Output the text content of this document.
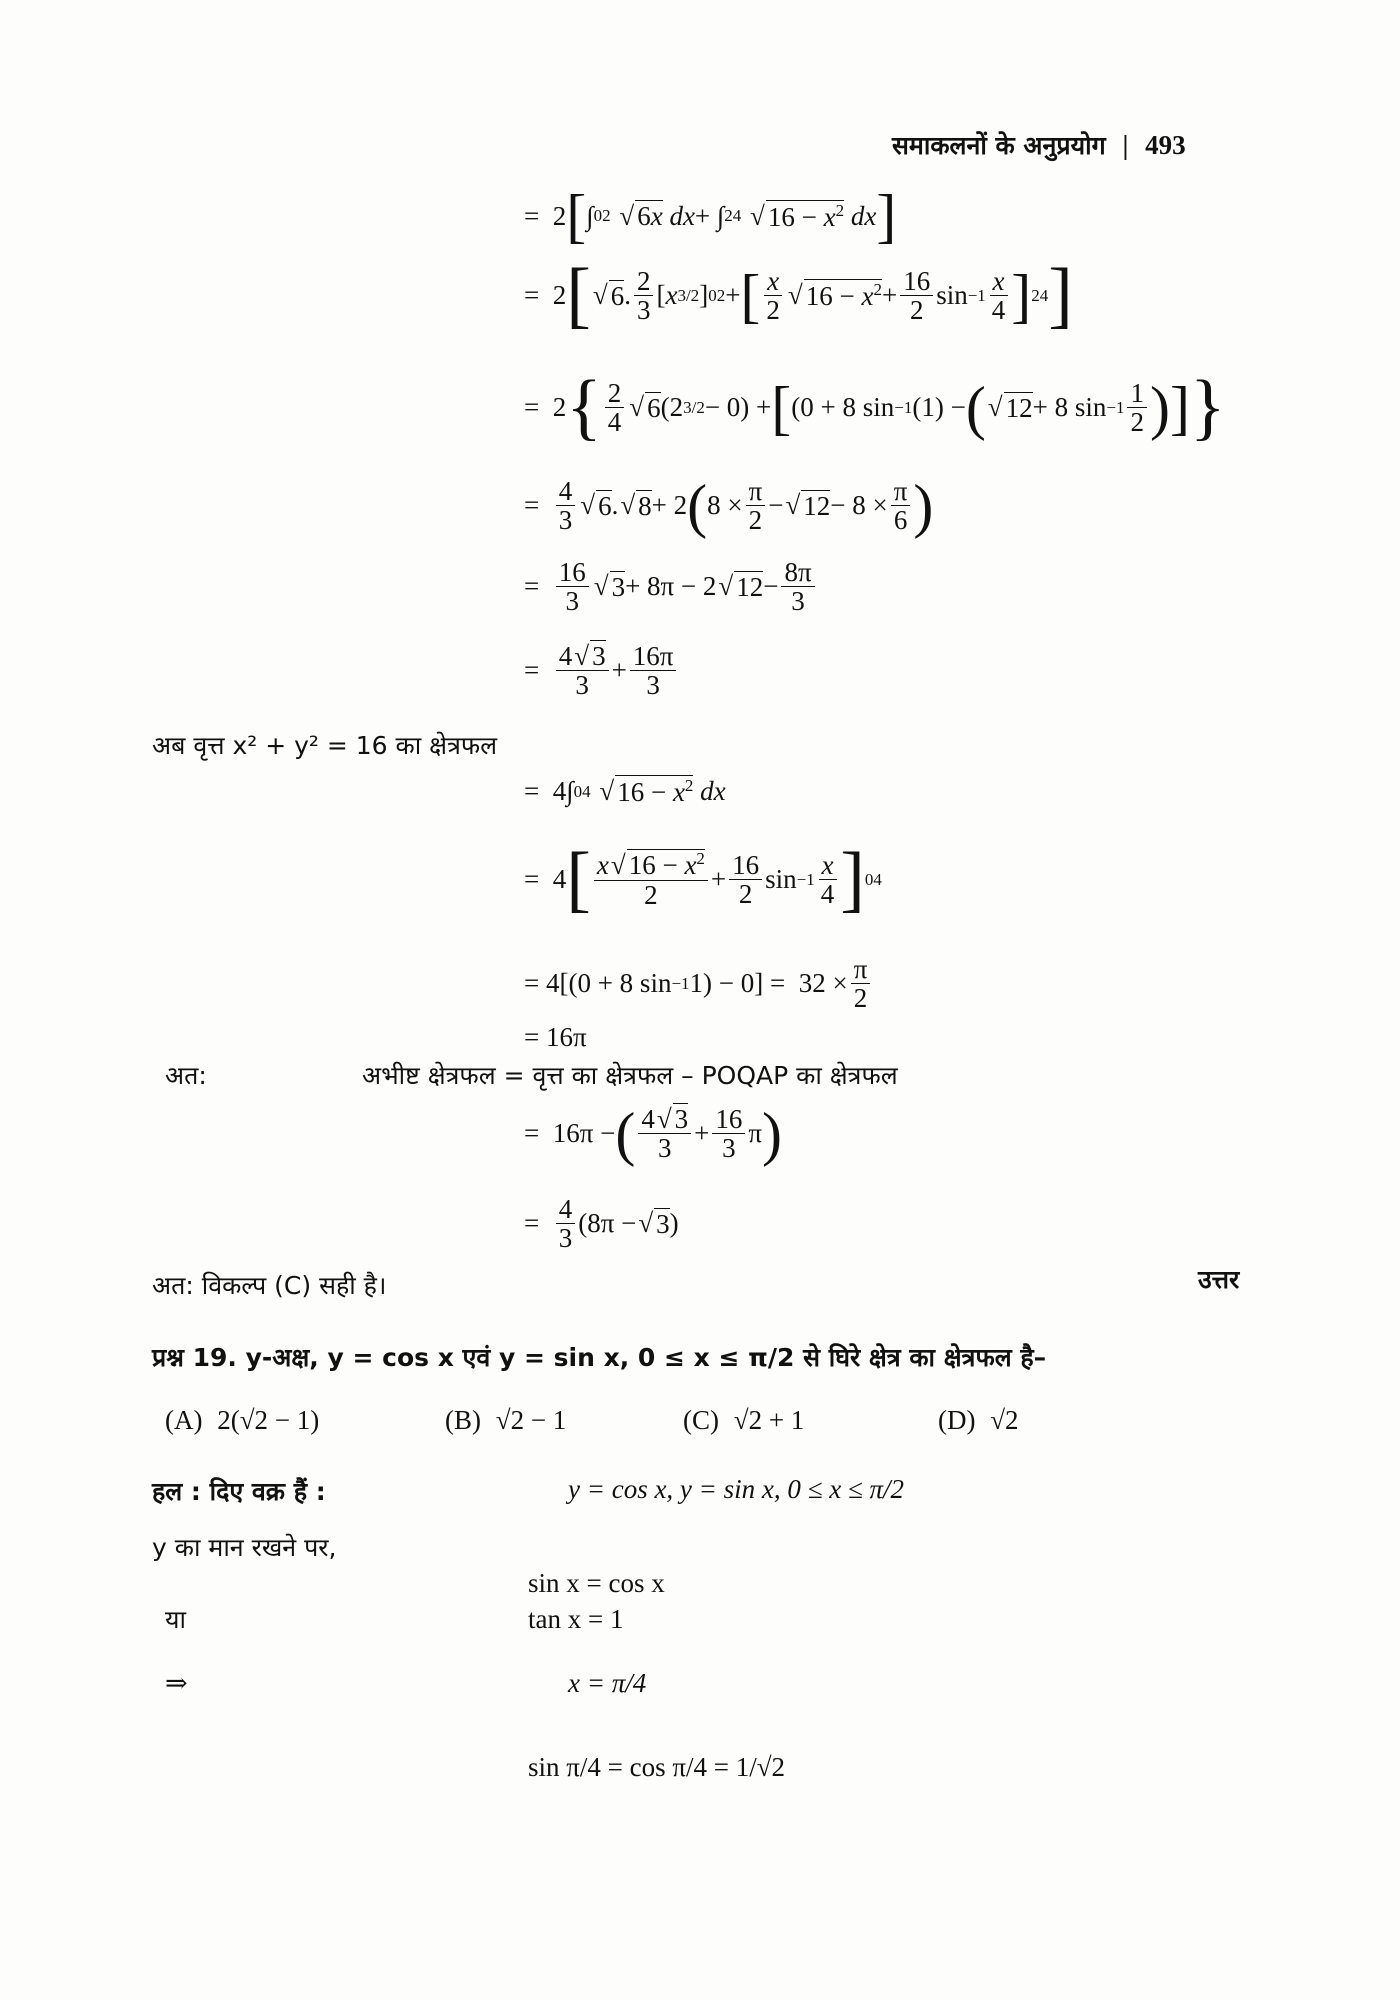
समाकलनों के अनुप्रयोग | 493
=  2 [ ∫ 0 2
√ 6x
dx + ∫ 2 4
√ $16 - x^2$
dx ]
=  2 [ √ 6 . $\frac{2}{3}$ [ x 3/2 ] 0 2 + [ $\frac{x}{2}$ √ $16 - x^2 + \frac{16}{2}$ $\sin -1 \frac{x}{4}$ ] 2 4 ]
=  2 { $\frac{2}{4}$ √ 6 (2 3/2 − 0) + [ (0 + 8 sin −1 (1) − ( √ 12 + 8 $\sin -1 \frac{1}{2}$ ) ] }
= $\frac{4}{3}$ √ 6 . √ 8 + 2 ( $8 \times \frac{\pi}{2}$ − √ $12 - 8 \times \frac{\pi}{6}$ )
= $\frac{16}{3}$ √ 3 + 8π − 2 √ $12 - \frac{8\pi}{3}$
= $\frac{4√ 3}{3} + \frac{16\pi}{3}$
अब वृत्त x² + y² = 16 का क्षेत्रफल
=  4∫ 0 4
√ $16 - x^2$
dx
=  4 [ $\frac{x√ 16 - x^2}{2} + \frac{16}{2}$ $\sin -1 \frac{x}{4}$ ] 0 4
= 4[(0 + 8 sin −1 $1) - 0] = 32 \times \frac{\pi}{2}$
= 16π
अत:	अभीष्ट क्षेत्रफल = वृत्त का क्षेत्रफल – POQAP का क्षेत्रफल
=  16π − ( $\frac{4√ 3}{3} + \frac{16}{3}$ π )
= $\frac{4}{3} (8\pi$ − √ 3 )
अत: विकल्प (C) सही है।	उत्तर
प्रश्न 19. y-अक्ष, y = cos x एवं y = sin x, 0 ≤ x ≤ π/2 से घिरे क्षेत्र का क्षेत्रफल है–
(A) 2(√2 − 1)	(B) √2 − 1	(C) √2 + 1	(D) √2
हल : दिए वक्र हैं :	y = cos x, y = sin x, 0 ≤ x ≤ π/2
y का मान रखने पर,
sin x = cos x
या	tan x = 1
⇒	x = π/4
sin π/4 = cos π/4 = 1/√2
